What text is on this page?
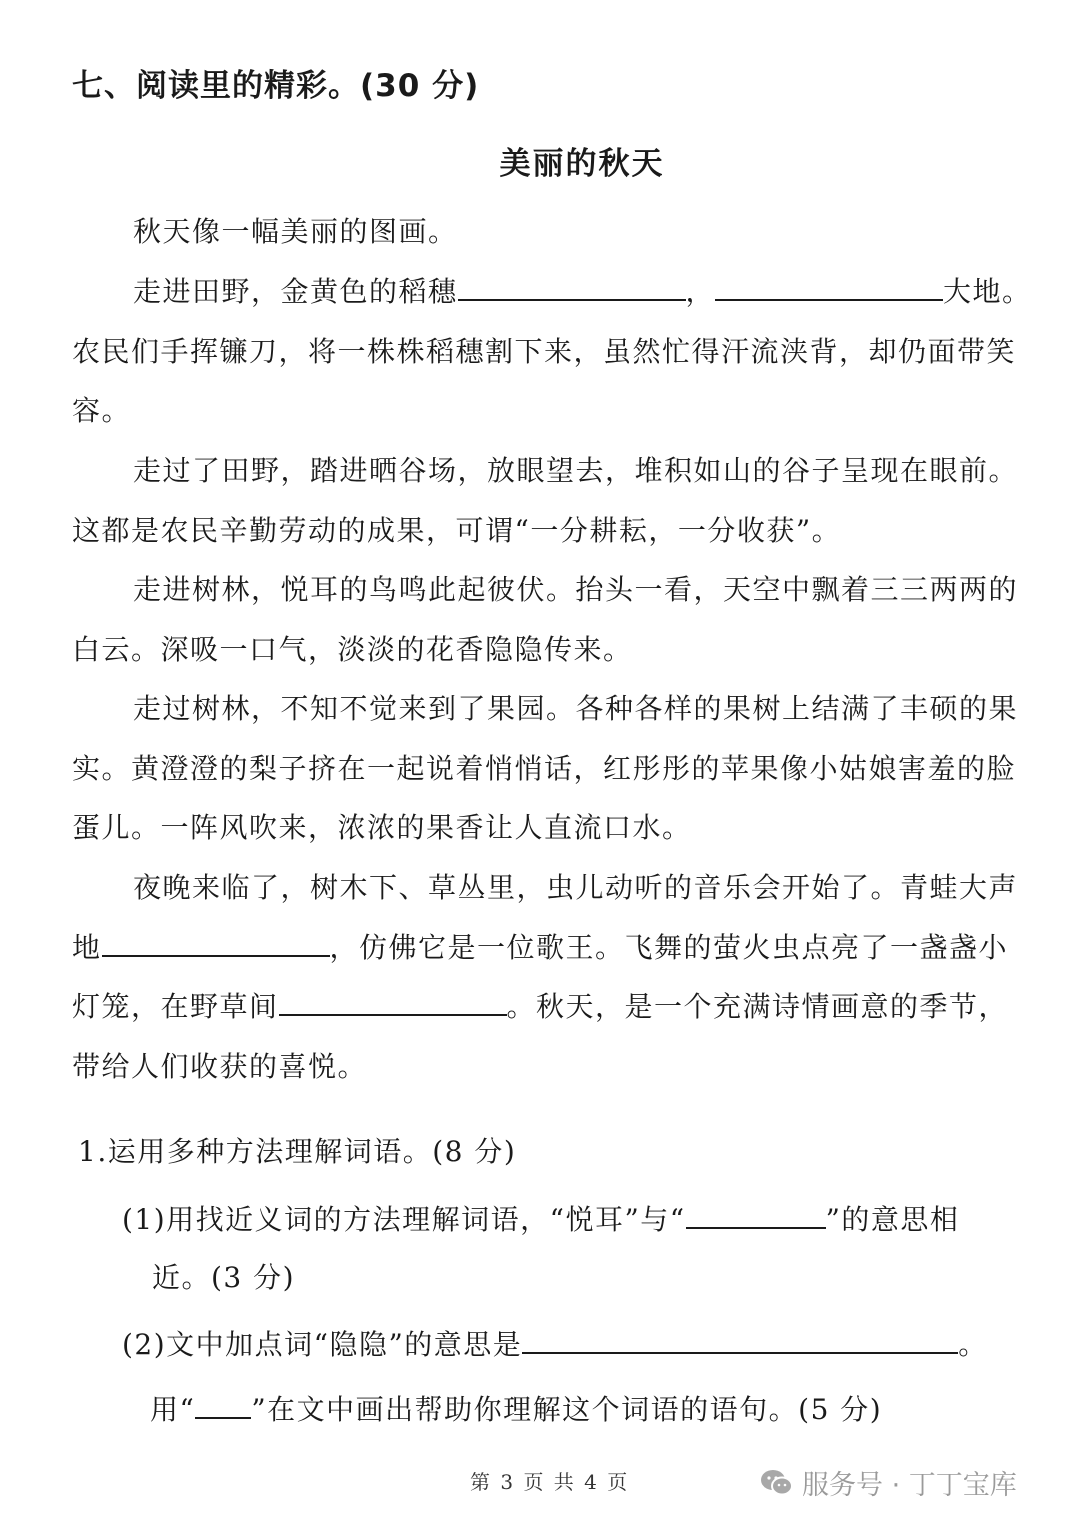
七、阅读里的精彩。(30 分)
美丽的秋天

秋天像一幅美丽的图画。

走进田野，金黄色的稻穗	，	大地。农民们手挥镰刀，将一株株稻穗割下来，虽然忙得汗流浃背，却仍面带笑容。

走过了田野，踏进晒谷场，放眼望去，堆积如山的谷子呈现在眼前。这都是农民辛勤劳动的成果，可谓“一分耕耘，一分收获”。

走进树林，悦耳的鸟鸣此起彼伏。抬头一看，天空中飘着三三两两的白云。深吸一口气，淡淡的花香隐隐传来。

走过树林，不知不觉来到了果园。各种各样的果树上结满了丰硕的果实。黄澄澄的梨子挤在一起说着悄悄话，红彤彤的苹果像小姑娘害羞的脸蛋儿。一阵风吹来，浓浓的果香让人直流口水。

夜晚来临了，树木下、草丛里，虫儿动听的音乐会开始了。青蛙大声地	，仿佛它是一位歌王。飞舞的萤火虫点亮了一盏盏小灯笼，在野草间	。秋天，是一个充满诗情画意的季节，带给人们收获的喜悦。

1.运用多种方法理解词语。(8 分)
(1)用找近义词的方法理解词语，“悦耳”与“	”的意思相
近。(3 分)
(2)文中加点词“隐隐”的意思是	。
用“ ”在文中画出帮助你理解这个词语的语句。(5 分)
第 3 页 共 4 页	服务号 · 丁丁宝库
